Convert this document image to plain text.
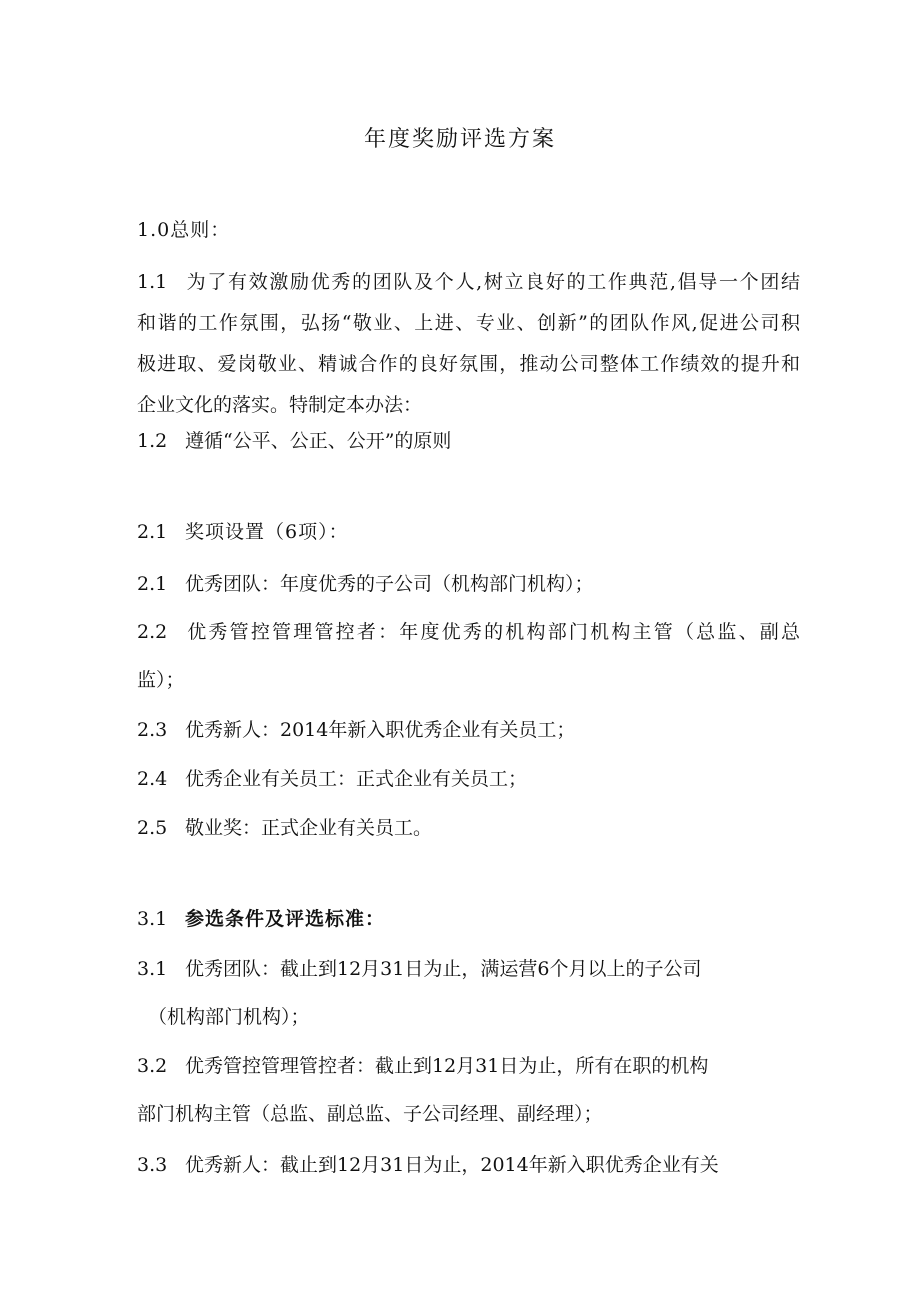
年度奖励评选方案
1.0总则：
1.1 为了有效激励优秀的团队及个人,树立良好的工作典范,倡导一个团结
和谐的工作氛围，弘扬“敬业、上进、专业、创新”的团队作风,促进公司积
极进取、爱岗敬业、精诚合作的良好氛围，推动公司整体工作绩效的提升和
企业文化的落实。特制定本办法：
1.2 遵循“公平、公正、公开”的原则
2.1 奖项设置（6项）：
2.1 优秀团队：年度优秀的子公司（机构部门机构）；
2.2 优秀管控管理管控者：年度优秀的机构部门机构主管（总监、副总
监）；
2.3 优秀新人：2014年新入职优秀企业有关员工；
2.4 优秀企业有关员工：正式企业有关员工；
2.5 敬业奖：正式企业有关员工。
3.1 参选条件及评选标准：
3.1 优秀团队：截止到12月31日为止，满运营6个月以上的子公司
（机构部门机构）；
3.2 优秀管控管理管控者：截止到12月31日为止，所有在职的机构
部门机构主管（总监、副总监、子公司经理、副经理）；
3.3 优秀新人：截止到12月31日为止，2014年新入职优秀企业有关
